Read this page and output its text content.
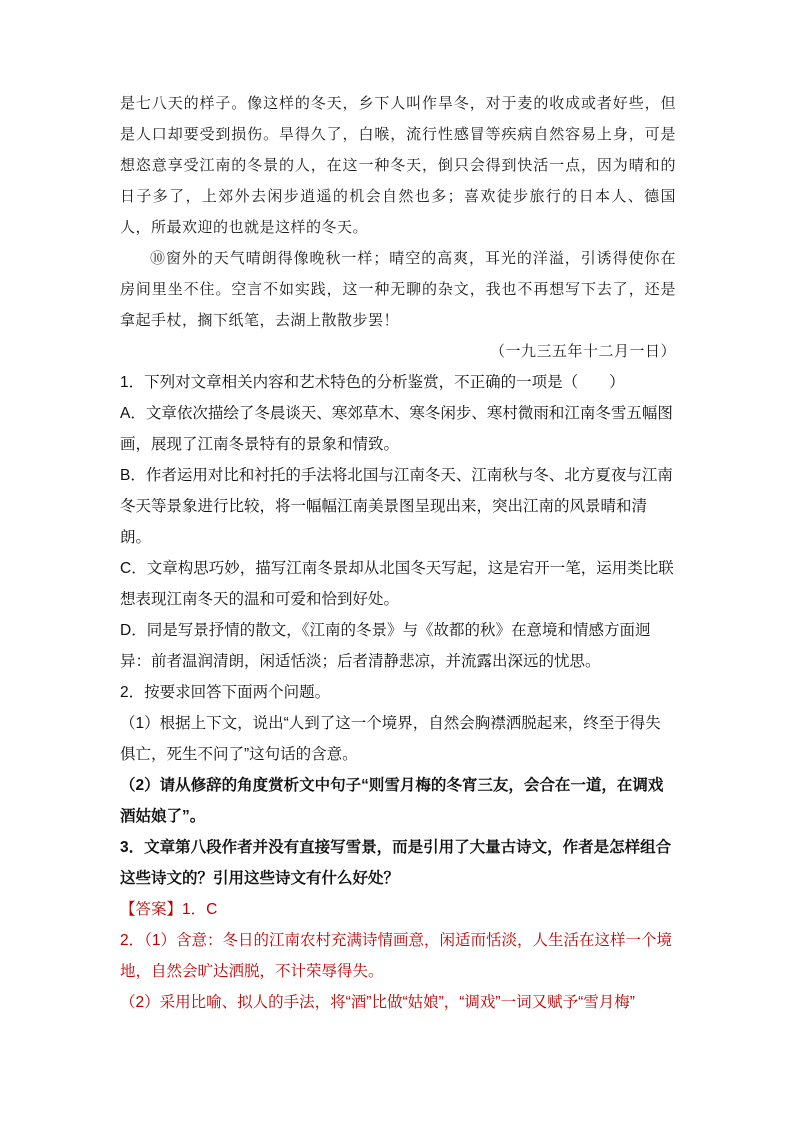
是七八天的样子。像这样的冬天，乡下人叫作旱冬，对于麦的收成或者好些，但是人口却要受到损伤。旱得久了，白喉，流行性感冒等疾病自然容易上身，可是想恣意享受江南的冬景的人，在这一种冬天，倒只会得到快活一点，因为晴和的日子多了，上郊外去闲步逍遥的机会自然也多；喜欢徒步旅行的日本人、德国人，所最欢迎的也就是这样的冬天。

⑩窗外的天气晴朗得像晚秋一样；晴空的高爽，耳光的洋溢，引诱得使你在房间里坐不住。空言不如实践，这一种无聊的杂文，我也不再想写下去了，还是拿起手杖，搁下纸笔，去湖上散散步罢！

（一九三五年十二月一日）

1．下列对文章相关内容和艺术特色的分析鉴赏，不正确的一项是（　　）

A．文章依次描绘了冬晨谈天、寒郊草木、寒冬闲步、寒村微雨和江南冬雪五幅图画，展现了江南冬景特有的景象和情致。

B．作者运用对比和衬托的手法将北国与江南冬天、江南秋与冬、北方夏夜与江南冬天等景象进行比较，将一幅幅江南美景图呈现出来，突出江南的风景晴和清朗。

C．文章构思巧妙，描写江南冬景却从北国冬天写起，这是宕开一笔，运用类比联想表现江南冬天的温和可爱和恰到好处。

D．同是写景抒情的散文，《江南的冬景》与《故都的秋》在意境和情感方面迥异：前者温润清朗，闲适恬淡；后者清静悲凉，并流露出深远的忧思。

2．按要求回答下面两个问题。

（1）根据上下文，说出“人到了这一个境界，自然会胸襟洒脱起来，终至于得失俱亡，死生不问了”这句话的含意。

（2）请从修辞的角度赏析文中句子“则雪月梅的冬宵三友，会合在一道，在调戏酒姑娘了”。

3．文章第八段作者并没有直接写雪景，而是引用了大量古诗文，作者是怎样组合这些诗文的？引用这些诗文有什么好处？

【答案】1．C

2．（1）含意：冬日的江南农村充满诗情画意，闲适而恬淡，人生活在这样一个境地，自然会旷达洒脱，不计荣辱得失。

（2）采用比喻、拟人的手法，将“酒”比做“姑娘”，“调戏”一词又赋予“雪月梅”
